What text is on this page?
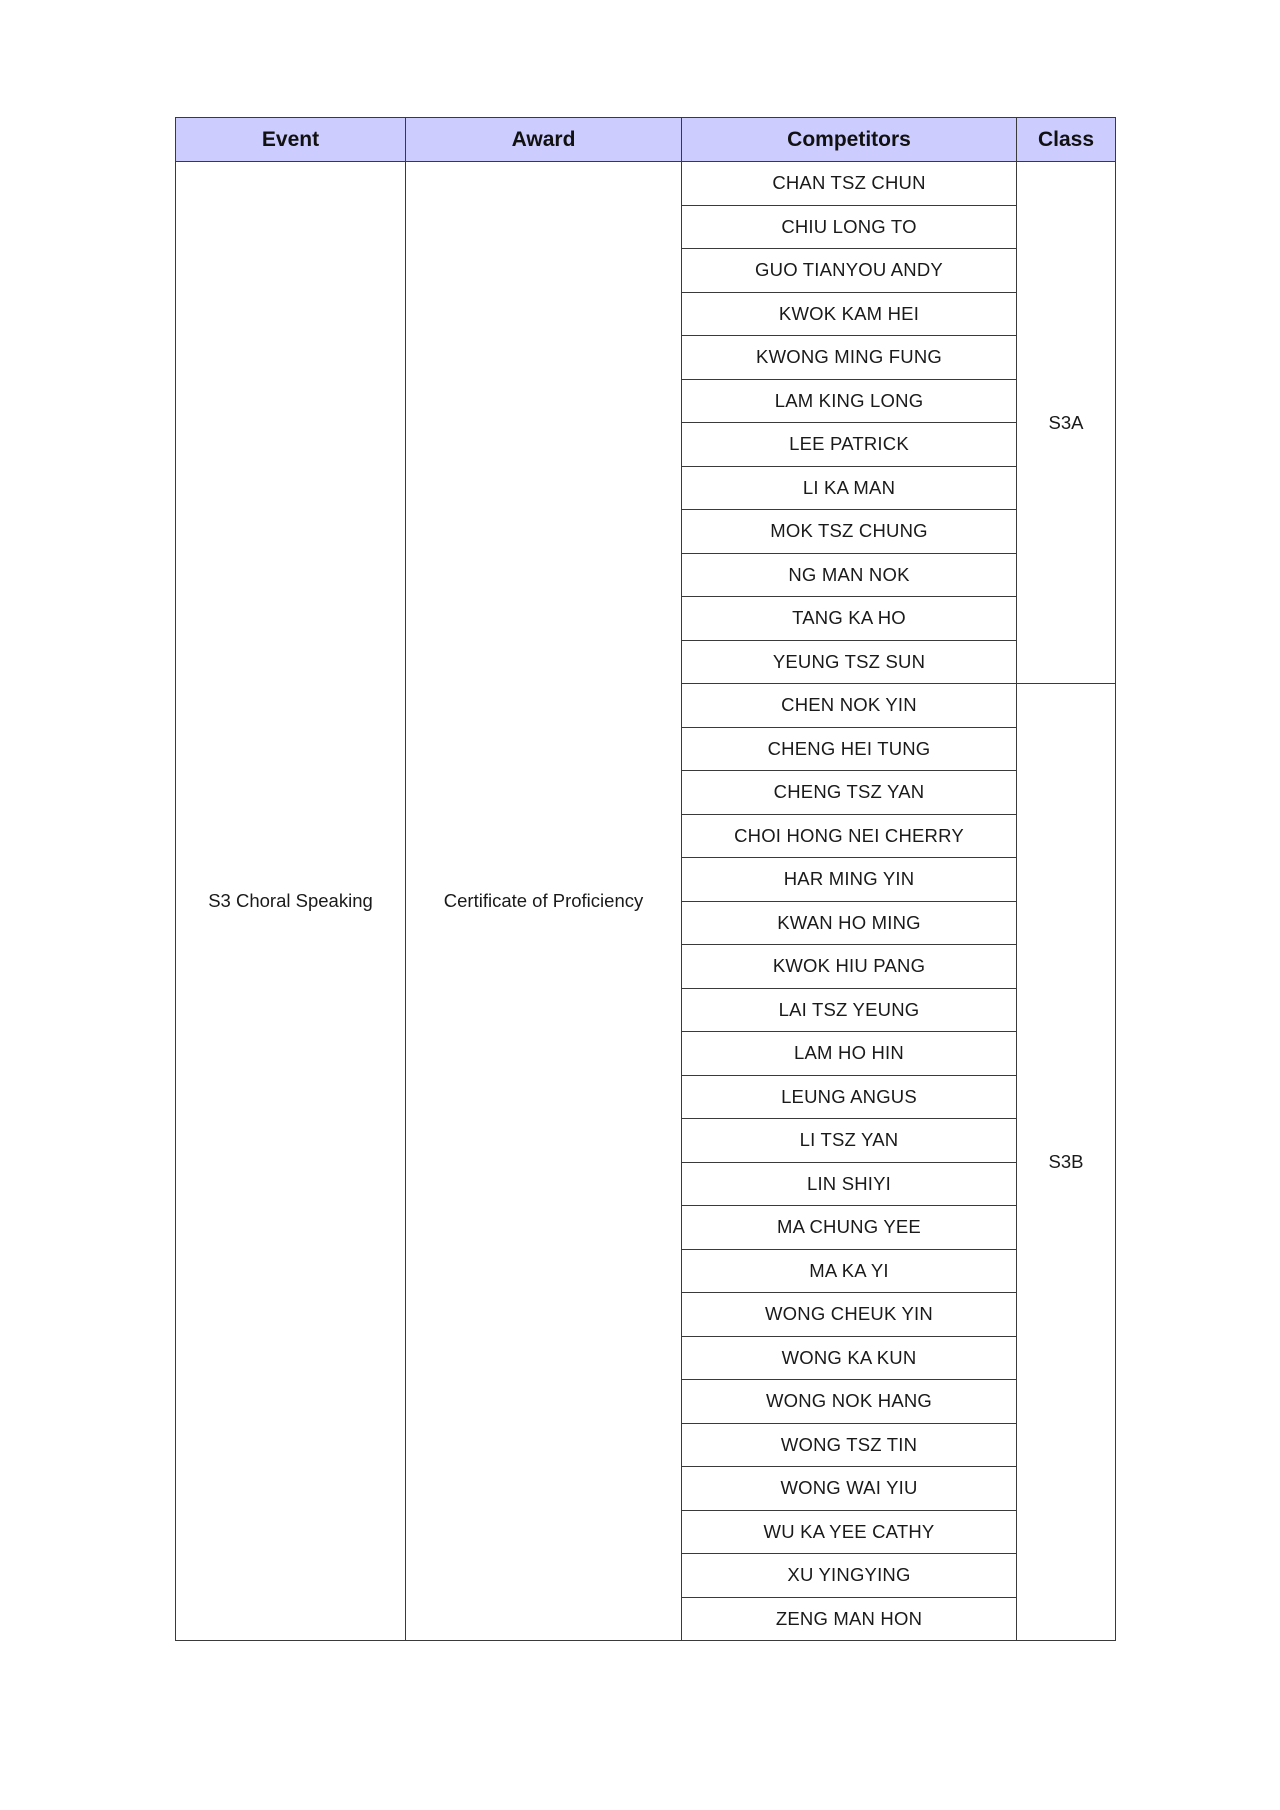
Event	Award	Competitors	Class
S3 Choral Speaking	Certificate of Proficiency	CHAN TSZ CHUN	S3A
		CHIU LONG TO	
		GUO TIANYOU ANDY	
		KWOK KAM HEI	
		KWONG MING FUNG	
		LAM KING LONG	
		LEE PATRICK	
		LI KA MAN	
		MOK TSZ CHUNG	
		NG MAN NOK	
		TANG KA HO	
		YEUNG TSZ SUN	
		CHEN NOK YIN	S3B
		CHENG HEI TUNG	
		CHENG TSZ YAN	
		CHOI HONG NEI CHERRY	
		HAR MING YIN	
		KWAN HO MING	
		KWOK HIU PANG	
		LAI TSZ YEUNG	
		LAM HO HIN	
		LEUNG ANGUS	
		LI TSZ YAN	
		LIN SHIYI	
		MA CHUNG YEE	
		MA KA YI	
		WONG CHEUK YIN	
		WONG KA KUN	
		WONG NOK HANG	
		WONG TSZ TIN	
		WONG WAI YIU	
		WU KA YEE CATHY	
		XU YINGYING	
		ZENG MAN HON	
